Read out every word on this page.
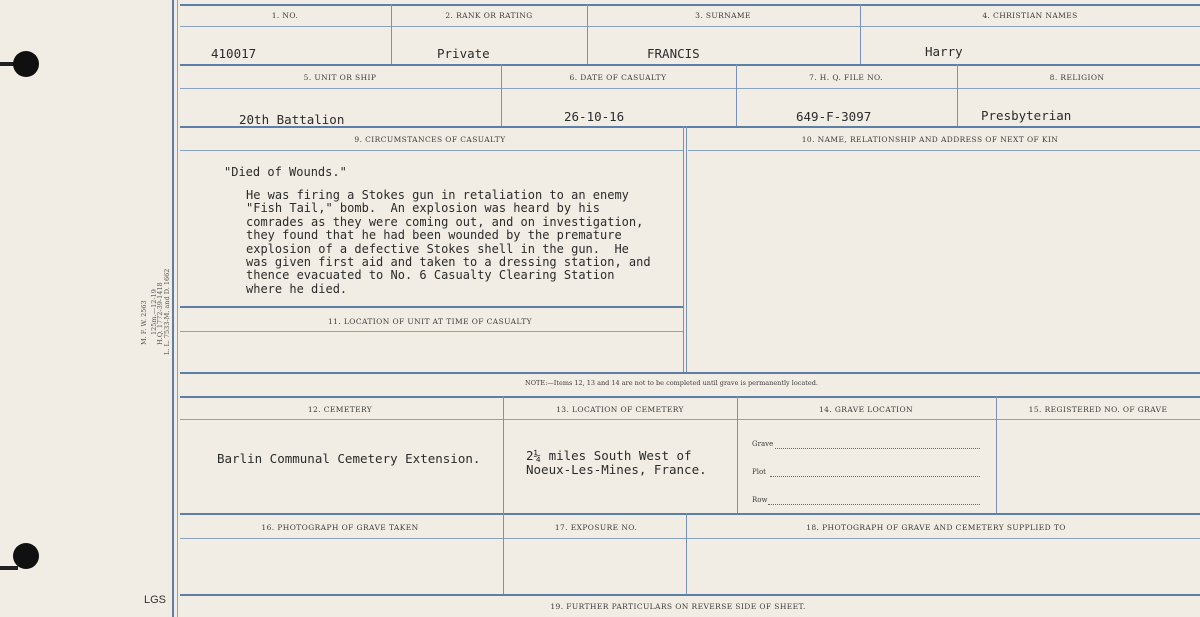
M. F. W. 2563 125m.—12-19
H.Q. 1772-39-1418 L. L. 7533-M. and D. 1662
LGS
1. NO.	2. RANK OR RATING	3. SURNAME	4. CHRISTIAN NAMES
410017	Private	FRANCIS	Harry
5. UNIT OR SHIP	6. DATE OF CASUALTY	7. H. Q. FILE NO.	8. RELIGION
20th Battalion	26-10-16	649-F-3097	Presbyterian
9. CIRCUMSTANCES OF CASUALTY	10. NAME, RELATIONSHIP AND ADDRESS OF NEXT OF KIN
"Died of Wounds."
He was firing a Stokes gun in retaliation to an enemy
"Fish Tail," bomb.  An explosion was heard by his
comrades as they were coming out, and on investigation,
they found that he had been wounded by the premature
explosion of a defective Stokes shell in the gun.  He
was given first aid and taken to a dressing station, and
thence evacuated to No. 6 Casualty Clearing Station
where he died.
11. LOCATION OF UNIT AT TIME OF CASUALTY
NOTE:—Items 12, 13 and 14 are not to be completed until grave is permanently located.
12. CEMETERY	13. LOCATION OF CEMETERY	14. GRAVE LOCATION	15. REGISTERED NO. OF GRAVE
Barlin Communal Cemetery Extension.	2¼ miles South West of
Noeux-Les-Mines, France.
Grave
Plot
Row
16. PHOTOGRAPH OF GRAVE TAKEN	17. EXPOSURE NO.	18. PHOTOGRAPH OF GRAVE AND CEMETERY SUPPLIED TO
19. FURTHER PARTICULARS ON REVERSE SIDE OF SHEET.
